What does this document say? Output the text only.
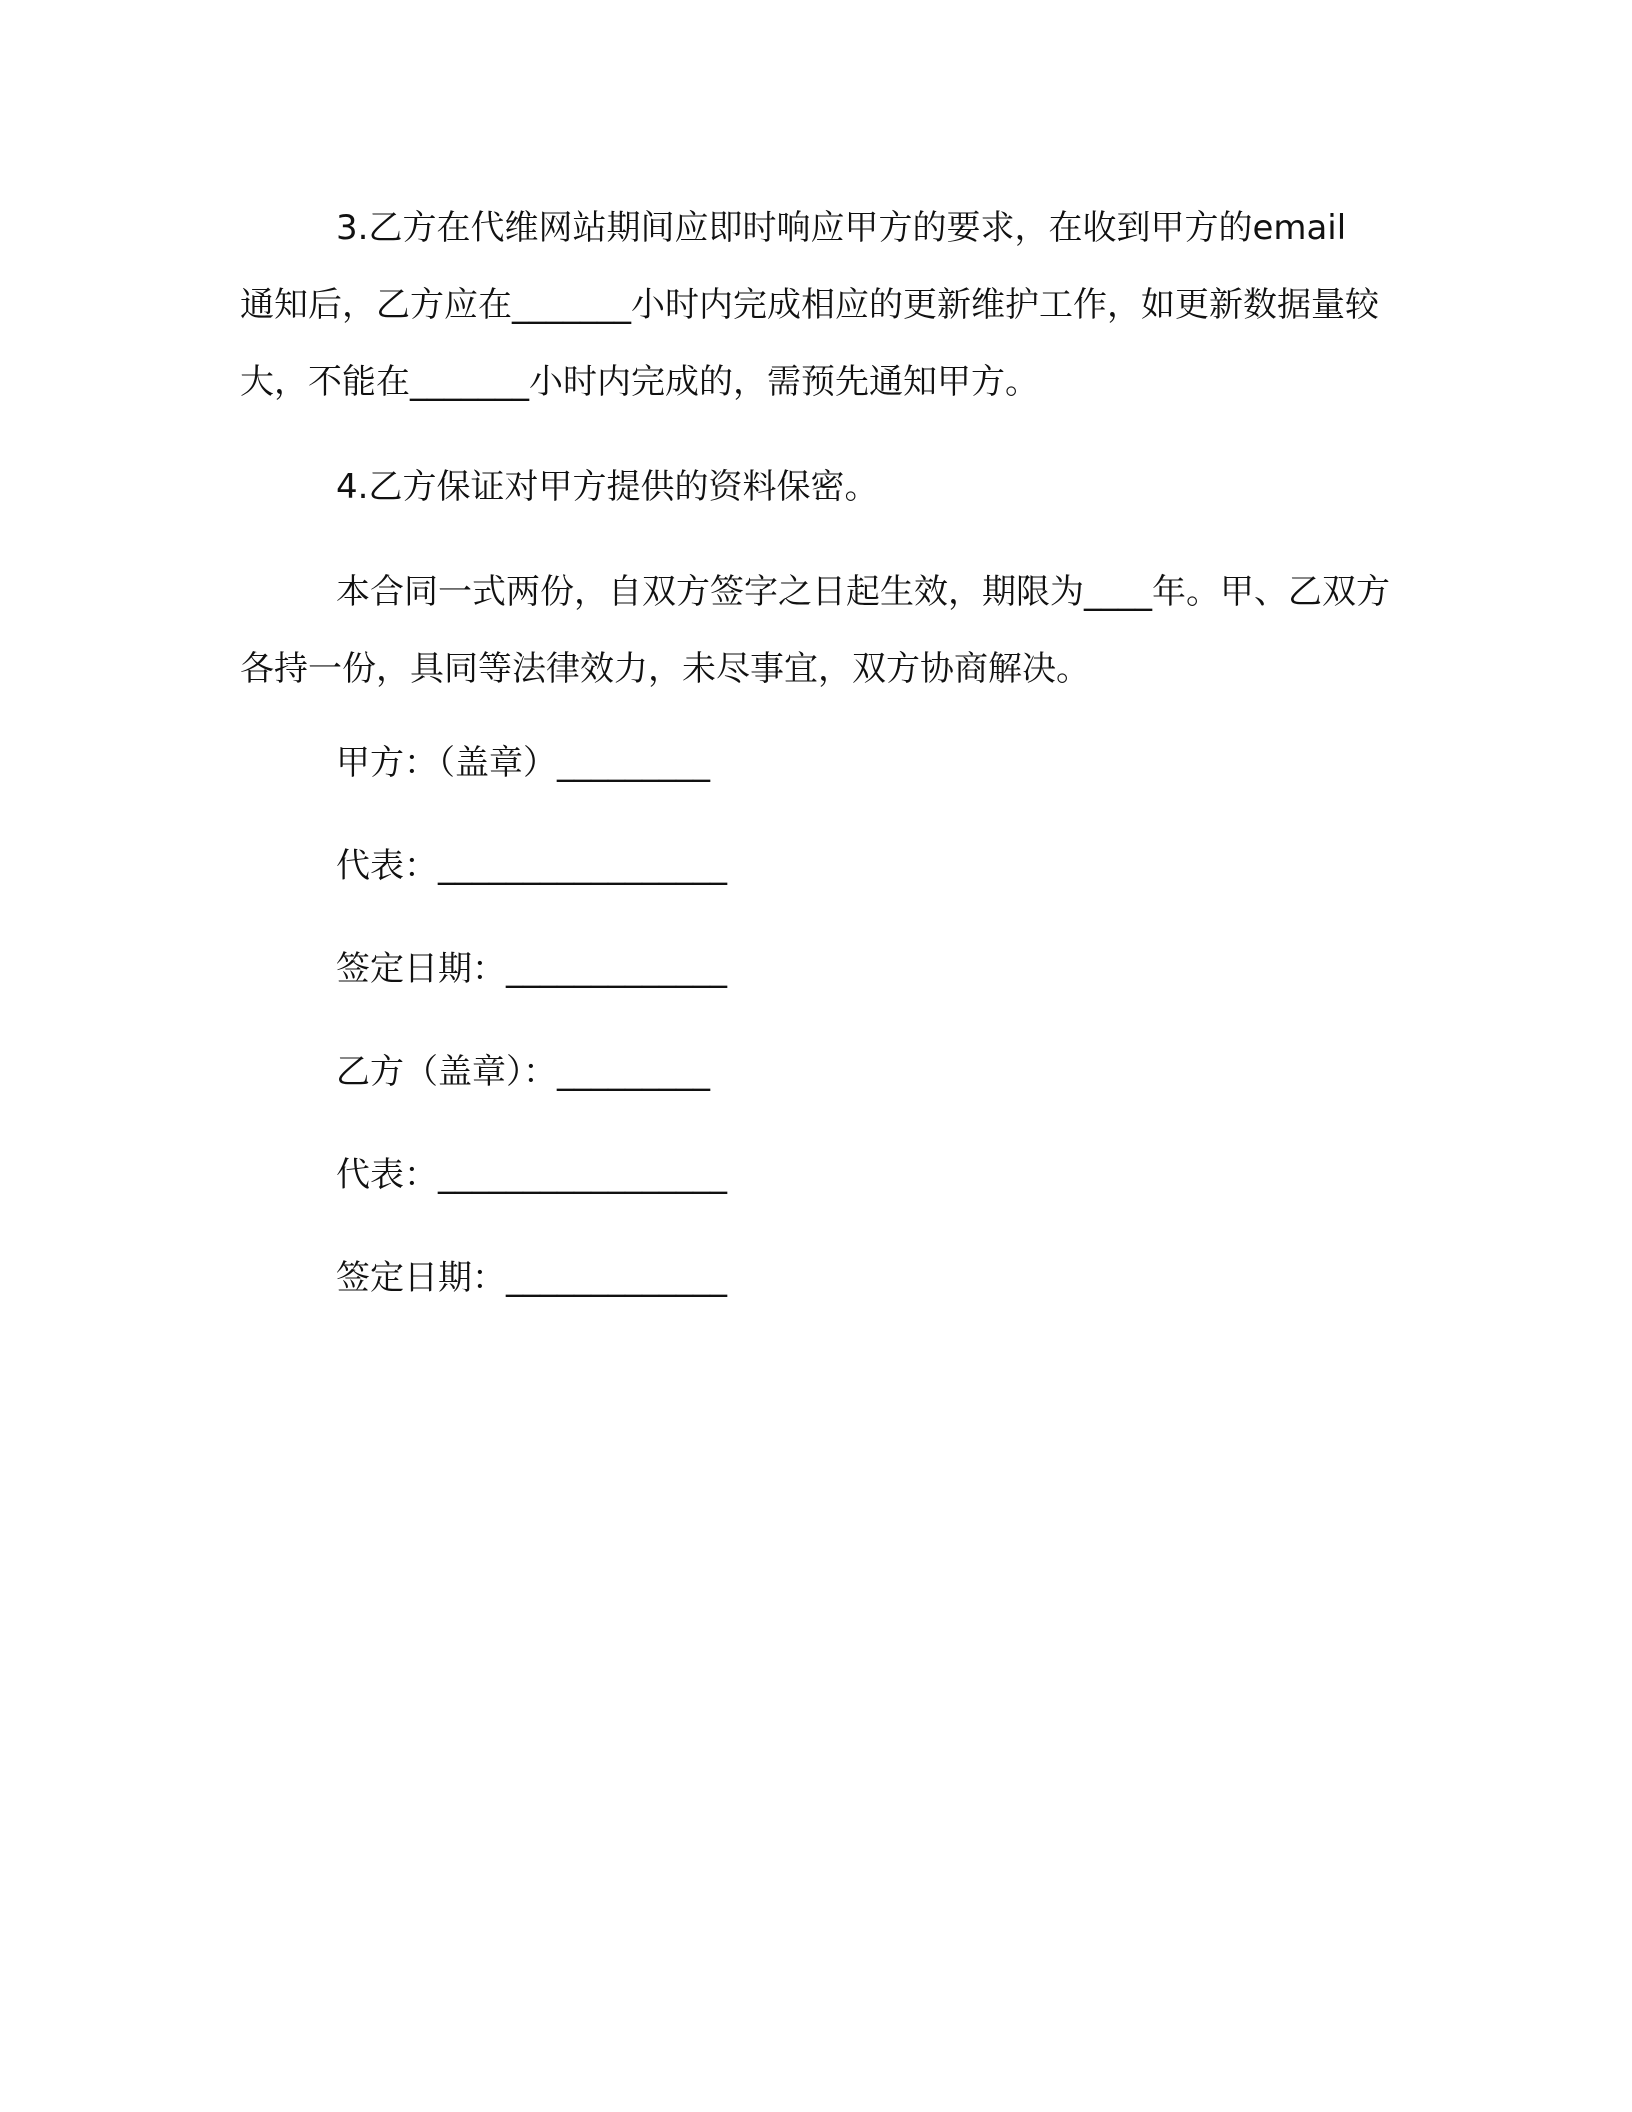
3.乙方在代维网站期间应即时响应甲方的要求，在收到甲方的email 通知后，乙方应在_______小时内完成相应的更新维护工作，如更新数据量较大，不能在_______小时内完成的，需预先通知甲方。

4.乙方保证对甲方提供的资料保密。

本合同一式两份，自双方签字之日起生效，期限为____年。甲、乙双方各持一份，具同等法律效力，未尽事宜，双方协商解决。

甲方：（盖章）_________

代表：_________________

签定日期：_____________

乙方（盖章）：_________

代表：_________________

签定日期：_____________
